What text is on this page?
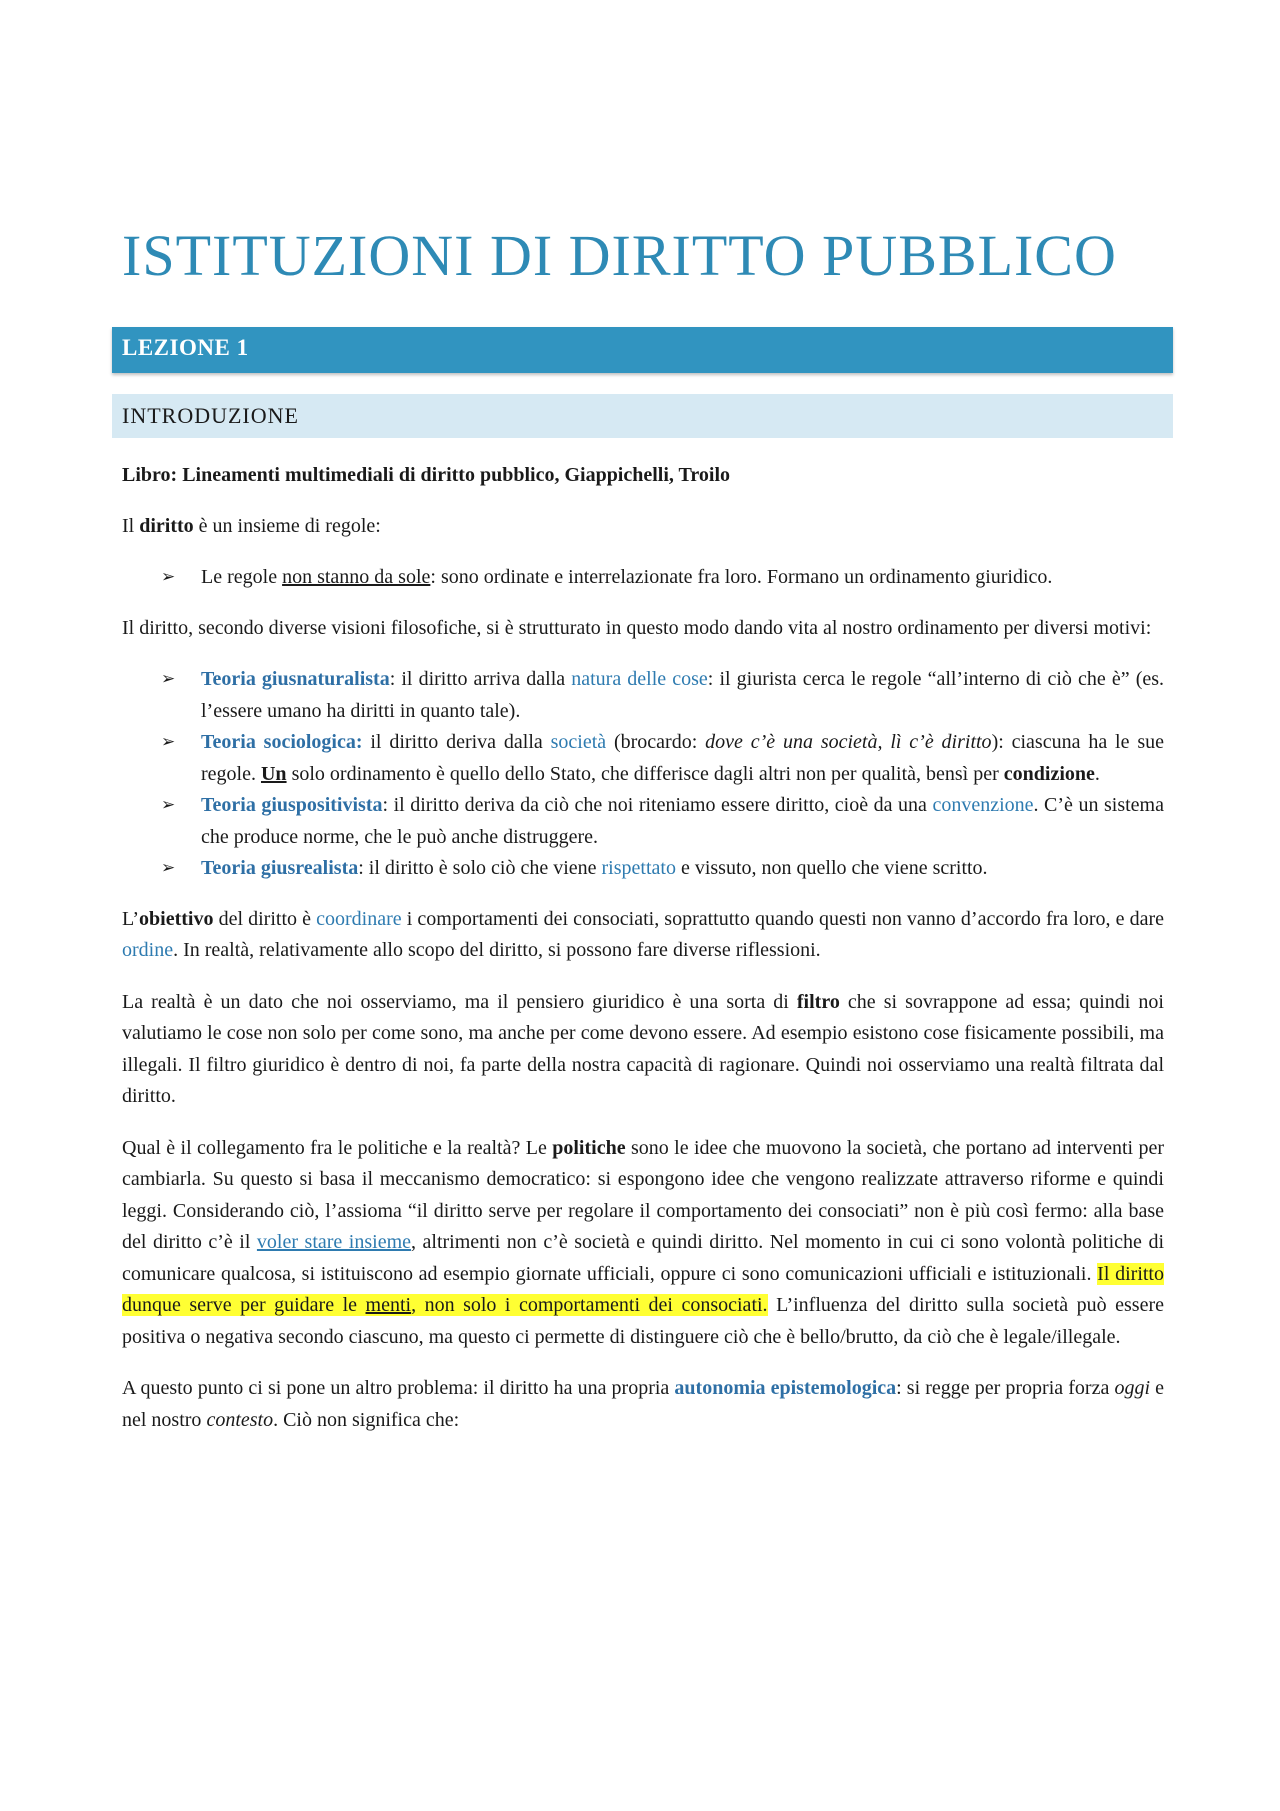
ISTITUZIONI DI DIRITTO PUBBLICO
LEZIONE 1
INTRODUZIONE

Libro: Lineamenti multimediali di diritto pubblico, Giappichelli, Troilo

Il diritto è un insieme di regole:

➢ Le regole non stanno da sole: sono ordinate e interrelazionate fra loro. Formano un ordinamento giuridico.

Il diritto, secondo diverse visioni filosofiche, si è strutturato in questo modo dando vita al nostro ordinamento per diversi motivi:

➢ Teoria giusnaturalista: il diritto arriva dalla natura delle cose: il giurista cerca le regole “all’interno di ciò che è” (es. l’essere umano ha diritti in quanto tale).
➢ Teoria sociologica: il diritto deriva dalla società (brocardo: dove c’è una società, lì c’è diritto): ciascuna ha le sue regole. Un solo ordinamento è quello dello Stato, che differisce dagli altri non per qualità, bensì per condizione.
➢ Teoria giuspositivista: il diritto deriva da ciò che noi riteniamo essere diritto, cioè da una convenzione. C’è un sistema che produce norme, che le può anche distruggere.
➢ Teoria giusrealista: il diritto è solo ciò che viene rispettato e vissuto, non quello che viene scritto.

L’obiettivo del diritto è coordinare i comportamenti dei consociati, soprattutto quando questi non vanno d’accordo fra loro, e dare ordine. In realtà, relativamente allo scopo del diritto, si possono fare diverse riflessioni.

La realtà è un dato che noi osserviamo, ma il pensiero giuridico è una sorta di filtro che si sovrappone ad essa; quindi noi valutiamo le cose non solo per come sono, ma anche per come devono essere. Ad esempio esistono cose fisicamente possibili, ma illegali. Il filtro giuridico è dentro di noi, fa parte della nostra capacità di ragionare. Quindi noi osserviamo una realtà filtrata dal diritto.

Qual è il collegamento fra le politiche e la realtà? Le politiche sono le idee che muovono la società, che portano ad interventi per cambiarla. Su questo si basa il meccanismo democratico: si espongono idee che vengono realizzate attraverso riforme e quindi leggi. Considerando ciò, l’assioma “il diritto serve per regolare il comportamento dei consociati” non è più così fermo: alla base del diritto c’è il voler stare insieme, altrimenti non c’è società e quindi diritto. Nel momento in cui ci sono volontà politiche di comunicare qualcosa, si istituiscono ad esempio giornate ufficiali, oppure ci sono comunicazioni ufficiali e istituzionali. Il diritto dunque serve per guidare le menti, non solo i comportamenti dei consociati. L’influenza del diritto sulla società può essere positiva o negativa secondo ciascuno, ma questo ci permette di distinguere ciò che è bello/brutto, da ciò che è legale/illegale.

A questo punto ci si pone un altro problema: il diritto ha una propria autonomia epistemologica: si regge per propria forza oggi e nel nostro contesto. Ciò non significa che:
